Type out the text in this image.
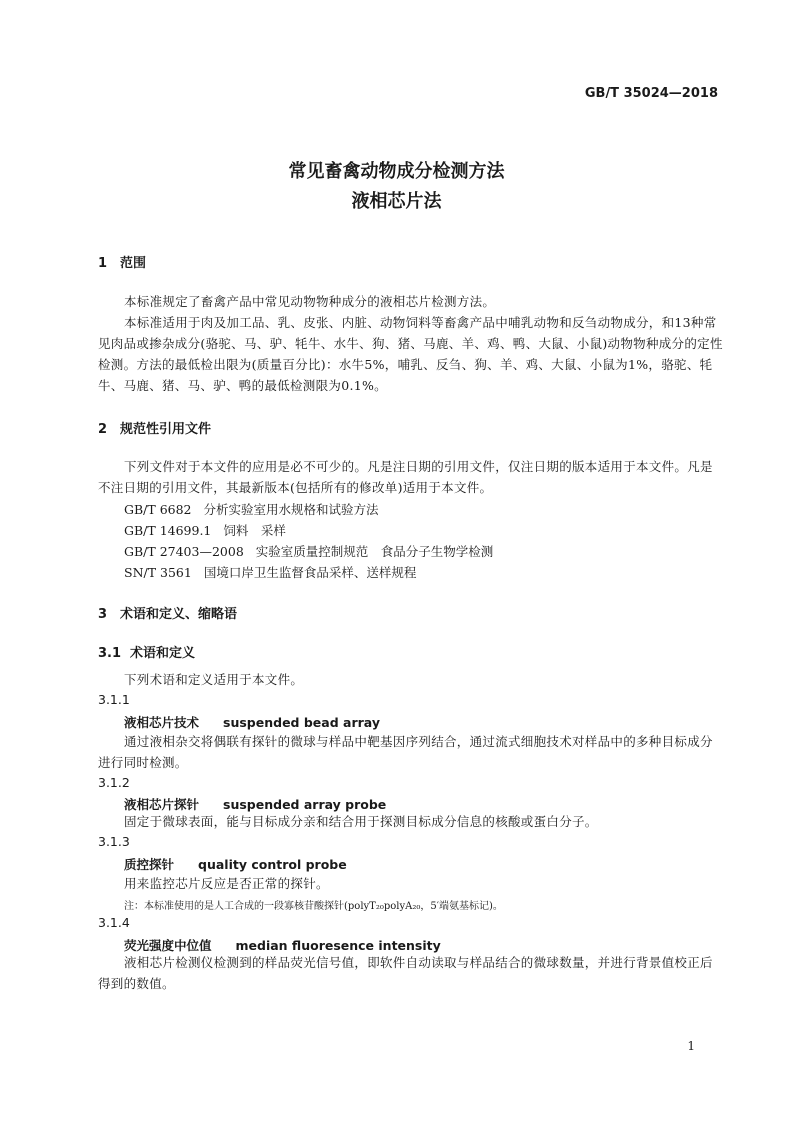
GB/T 35024—2018
常见畜禽动物成分检测方法
液相芯片法
1 范围
本标准规定了畜禽产品中常见动物物种成分的液相芯片检测方法。
本标准适用于肉及加工品、乳、皮张、内脏、动物饲料等畜禽产品中哺乳动物和反刍动物成分，和13种常见肉品或掺杂成分(骆驼、马、驴、牦牛、水牛、狗、猪、马鹿、羊、鸡、鸭、大鼠、小鼠)动物物种成分的定性检测。方法的最低检出限为(质量百分比)：水牛5%，哺乳、反刍、狗、羊、鸡、大鼠、小鼠为1%，骆驼、牦牛、马鹿、猪、马、驴、鸭的最低检测限为0.1%。
2 规范性引用文件
下列文件对于本文件的应用是必不可少的。凡是注日期的引用文件，仅注日期的版本适用于本文件。凡是不注日期的引用文件，其最新版本(包括所有的修改单)适用于本文件。
GB/T 6682 分析实验室用水规格和试验方法
GB/T 14699.1 饲料　采样
GB/T 27403—2008 实验室质量控制规范　食品分子生物学检测
SN/T 3561 国境口岸卫生监督食品采样、送样规程
3 术语和定义、缩略语
3.1 术语和定义
下列术语和定义适用于本文件。
3.1.1
液相芯片技术 suspended bead array
通过液相杂交将偶联有探针的微球与样品中靶基因序列结合，通过流式细胞技术对样品中的多种目标成分进行同时检测。
3.1.2
液相芯片探针 suspended array probe
固定于微球表面，能与目标成分亲和结合用于探测目标成分信息的核酸或蛋白分子。
3.1.3
质控探针 quality control probe
用来监控芯片反应是否正常的探针。
注：本标准使用的是人工合成的一段寡核苷酸探针(polyT₂₀polyA₂₀，5′端氨基标记)。
3.1.4
荧光强度中位值 median fluoresence intensity
液相芯片检测仪检测到的样品荧光信号值，即软件自动读取与样品结合的微球数量，并进行背景值校正后得到的数值。
1
